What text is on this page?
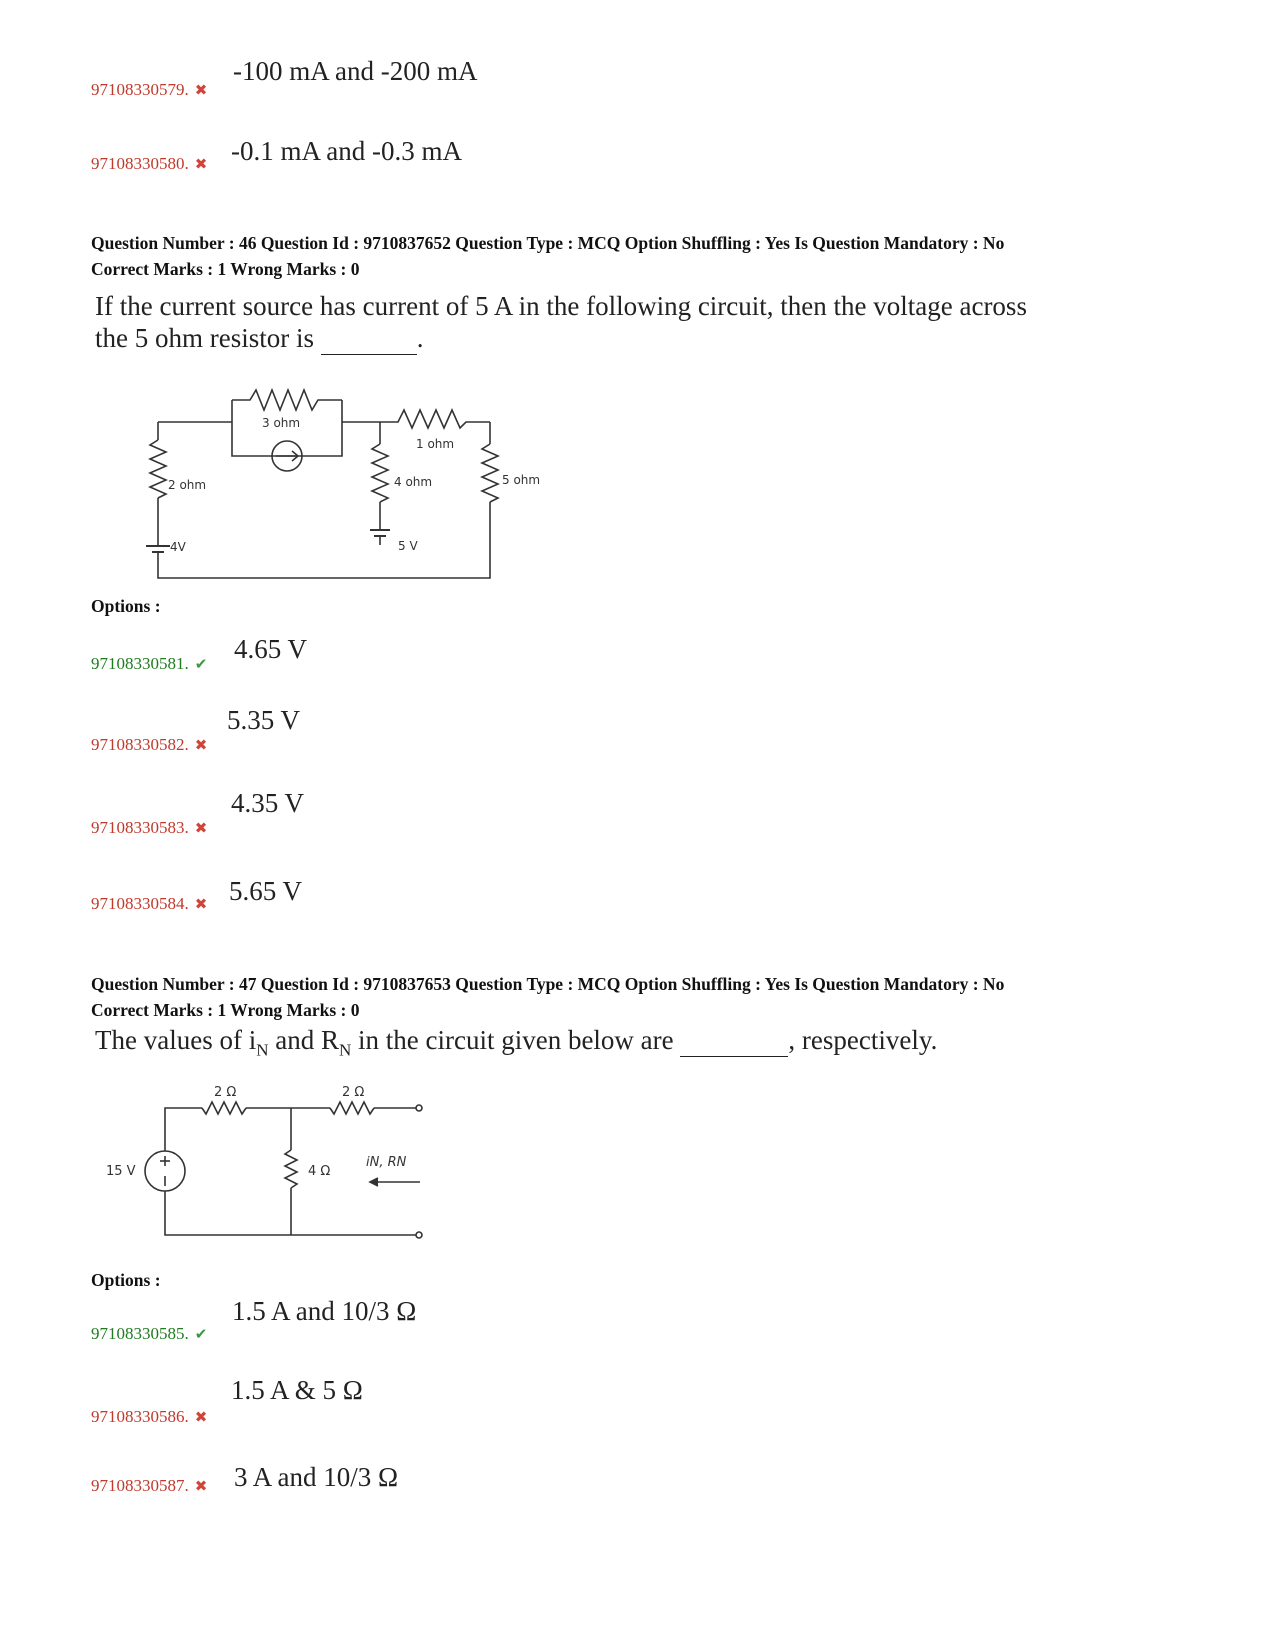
-100 mA and -200 mA
97108330579. ✖
-0.1 mA and -0.3 mA
97108330580. ✖
Question Number : 46 Question Id : 9710837652 Question Type : MCQ Option Shuffling : Yes Is Question Mandatory : No
Correct Marks : 1 Wrong Marks : 0
If the current source has current of 5 A in the following circuit, then the voltage across
the 5 ohm resistor is	.
3 ohm
1 ohm
2 ohm	4 ohm	5 ohm
4V	5 V
Options :
4.65 V
97108330581. ✔
5.35 V
97108330582. ✖
4.35 V
97108330583. ✖
5.65 V
97108330584. ✖
Question Number : 47 Question Id : 9710837653 Question Type : MCQ Option Shuffling : Yes Is Question Mandatory : No
Correct Marks : 1 Wrong Marks : 0
The values of $i_N$ and $R_N$ in the circuit given below are	, respectively.
2 Ω	2 Ω
4 Ω
15 V
iN, RN
Options :
1.5 A and 10/3 Ω
97108330585. ✔
1.5 A & 5 Ω
97108330586. ✖
3 A and 10/3 Ω
97108330587. ✖
